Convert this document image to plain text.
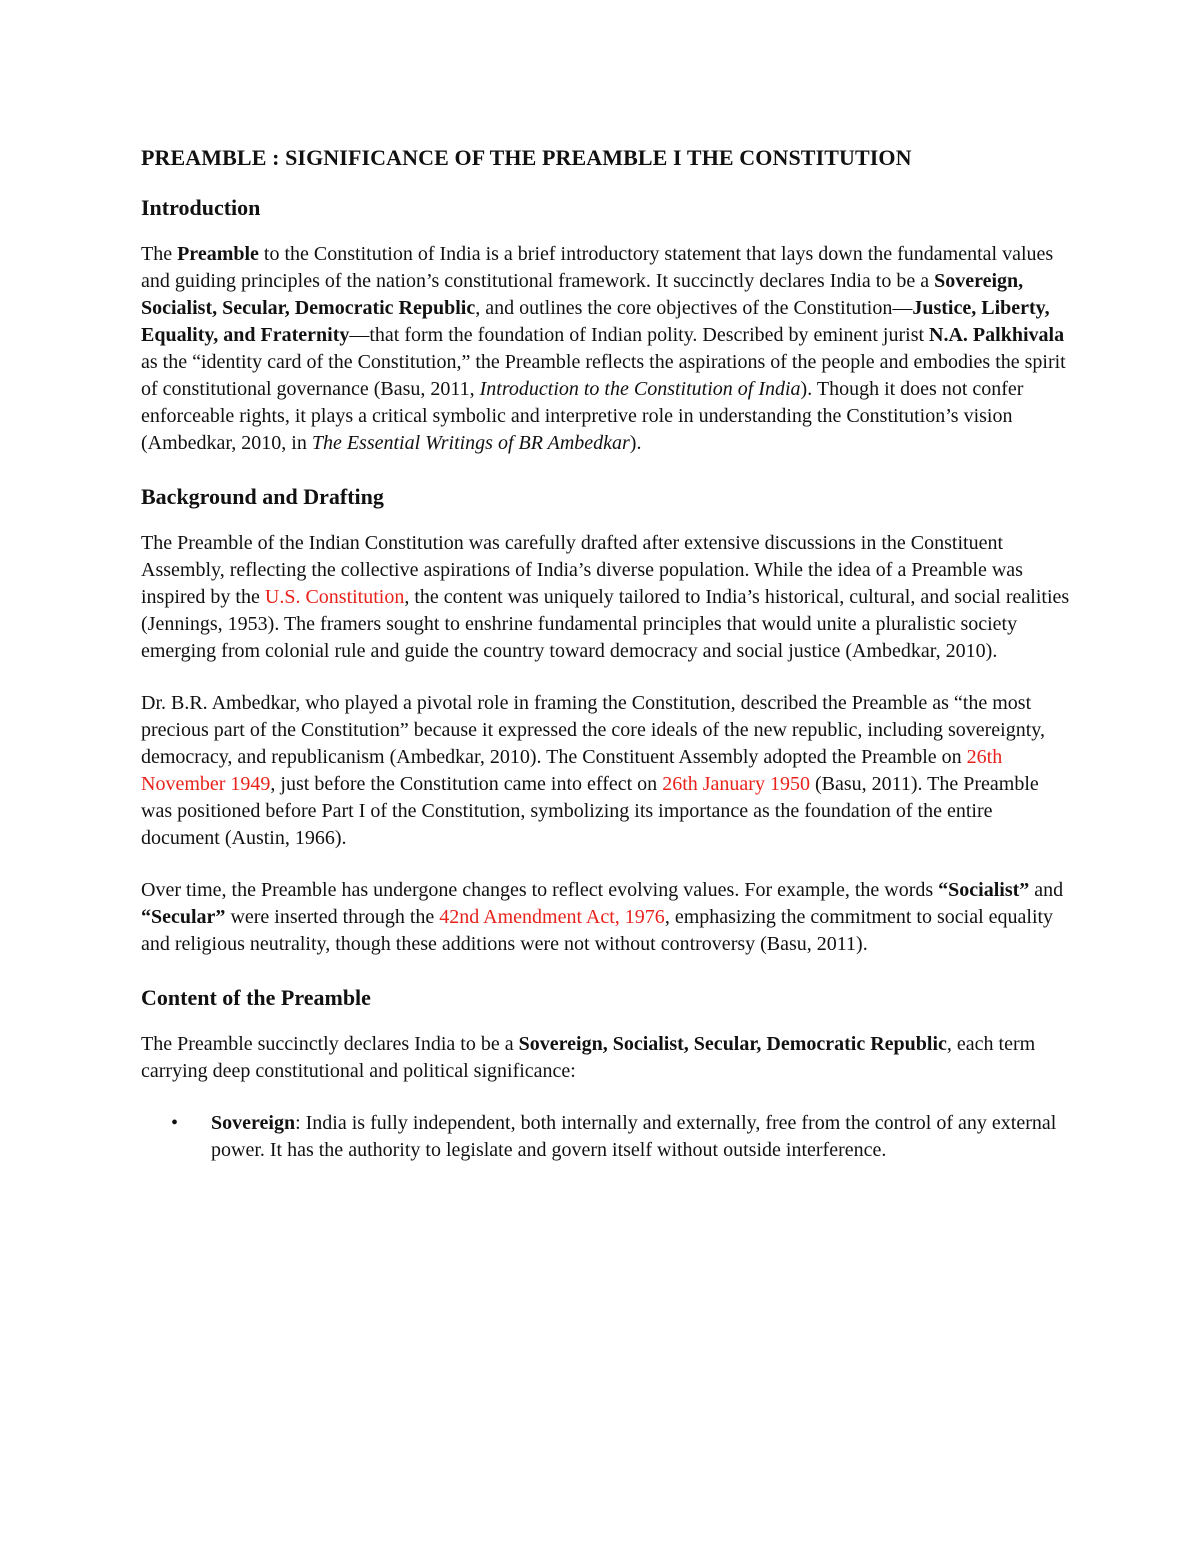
PREAMBLE : SIGNIFICANCE OF THE PREAMBLE I THE CONSTITUTION
Introduction

The Preamble to the Constitution of India is a brief introductory statement that lays down the fundamental values and guiding principles of the nation’s constitutional framework. It succinctly declares India to be a Sovereign, Socialist, Secular, Democratic Republic, and outlines the core objectives of the Constitution—Justice, Liberty, Equality, and Fraternity—that form the foundation of Indian polity. Described by eminent jurist N.A. Palkhivala as the “identity card of the Constitution,” the Preamble reflects the aspirations of the people and embodies the spirit of constitutional governance (Basu, 2011, Introduction to the Constitution of India). Though it does not confer enforceable rights, it plays a critical symbolic and interpretive role in understanding the Constitution’s vision (Ambedkar, 2010, in The Essential Writings of BR Ambedkar).

Background and Drafting

The Preamble of the Indian Constitution was carefully drafted after extensive discussions in the Constituent Assembly, reflecting the collective aspirations of India’s diverse population. While the idea of a Preamble was inspired by the U.S. Constitution, the content was uniquely tailored to India’s historical, cultural, and social realities (Jennings, 1953). The framers sought to enshrine fundamental principles that would unite a pluralistic society emerging from colonial rule and guide the country toward democracy and social justice (Ambedkar, 2010).

Dr. B.R. Ambedkar, who played a pivotal role in framing the Constitution, described the Preamble as “the most precious part of the Constitution” because it expressed the core ideals of the new republic, including sovereignty, democracy, and republicanism (Ambedkar, 2010). The Constituent Assembly adopted the Preamble on 26th November 1949, just before the Constitution came into effect on 26th January 1950 (Basu, 2011). The Preamble was positioned before Part I of the Constitution, symbolizing its importance as the foundation of the entire document (Austin, 1966).

Over time, the Preamble has undergone changes to reflect evolving values. For example, the words “Socialist” and “Secular” were inserted through the 42nd Amendment Act, 1976, emphasizing the commitment to social equality and religious neutrality, though these additions were not without controversy (Basu, 2011).

Content of the Preamble

The Preamble succinctly declares India to be a Sovereign, Socialist, Secular, Democratic Republic, each term carrying deep constitutional and political significance:

• Sovereign: India is fully independent, both internally and externally, free from the control of any external power. It has the authority to legislate and govern itself without outside interference.
